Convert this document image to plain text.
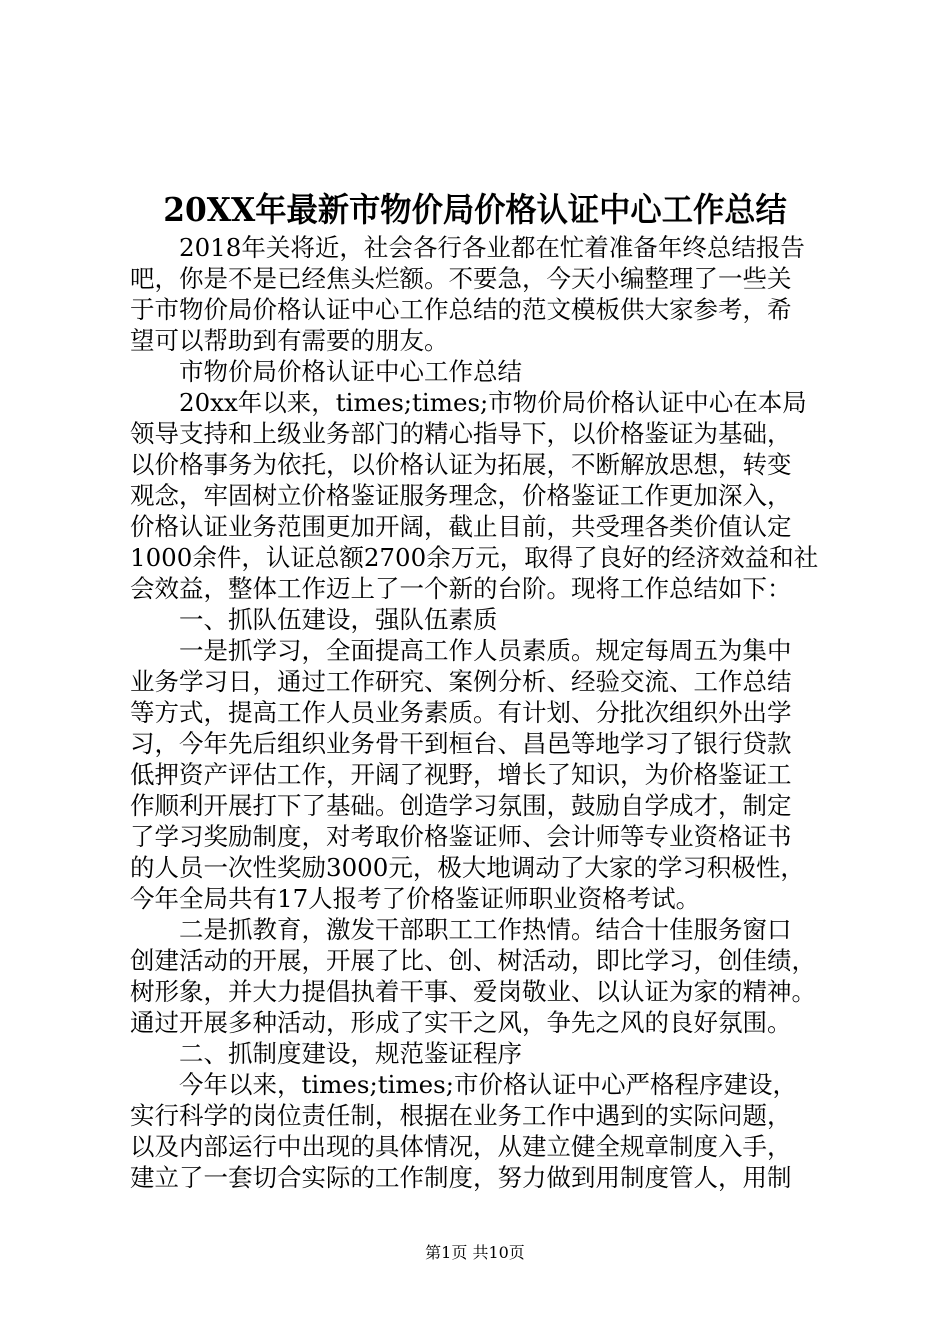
20XX年最新市物价局价格认证中心工作总结
　　2018年关将近，社会各行各业都在忙着准备年终总结报告
吧，你是不是已经焦头烂额。不要急，今天小编整理了一些关
于市物价局价格认证中心工作总结的范文模板供大家参考，希
望可以帮助到有需要的朋友。
　　市物价局价格认证中心工作总结
　　20xx年以来，times;times;市物价局价格认证中心在本局
领导支持和上级业务部门的精心指导下，以价格鉴证为基础，
以价格事务为依托，以价格认证为拓展，不断解放思想，转变
观念，牢固树立价格鉴证服务理念，价格鉴证工作更加深入，
价格认证业务范围更加开阔，截止目前，共受理各类价值认定
1000余件，认证总额2700余万元，取得了良好的经济效益和社
会效益，整体工作迈上了一个新的台阶。现将工作总结如下：
　　一、抓队伍建设，强队伍素质
　　一是抓学习，全面提高工作人员素质。规定每周五为集中
业务学习日，通过工作研究、案例分析、经验交流、工作总结
等方式，提高工作人员业务素质。有计划、分批次组织外出学
习，今年先后组织业务骨干到桓台、昌邑等地学习了银行贷款
低押资产评估工作，开阔了视野，增长了知识，为价格鉴证工
作顺利开展打下了基础。创造学习氛围，鼓励自学成才，制定
了学习奖励制度，对考取价格鉴证师、会计师等专业资格证书
的人员一次性奖励3000元，极大地调动了大家的学习积极性，
今年全局共有17人报考了价格鉴证师职业资格考试。
　　二是抓教育，激发干部职工工作热情。结合十佳服务窗口
创建活动的开展，开展了比、创、树活动，即比学习，创佳绩，
树形象，并大力提倡执着干事、爱岗敬业、以认证为家的精神。
通过开展多种活动，形成了实干之风，争先之风的良好氛围。
　　二、抓制度建设，规范鉴证程序
　　今年以来，times;times;市价格认证中心严格程序建设，
实行科学的岗位责任制，根据在业务工作中遇到的实际问题，
以及内部运行中出现的具体情况，从建立健全规章制度入手，
建立了一套切合实际的工作制度，努力做到用制度管人，用制
第1页 共10页
